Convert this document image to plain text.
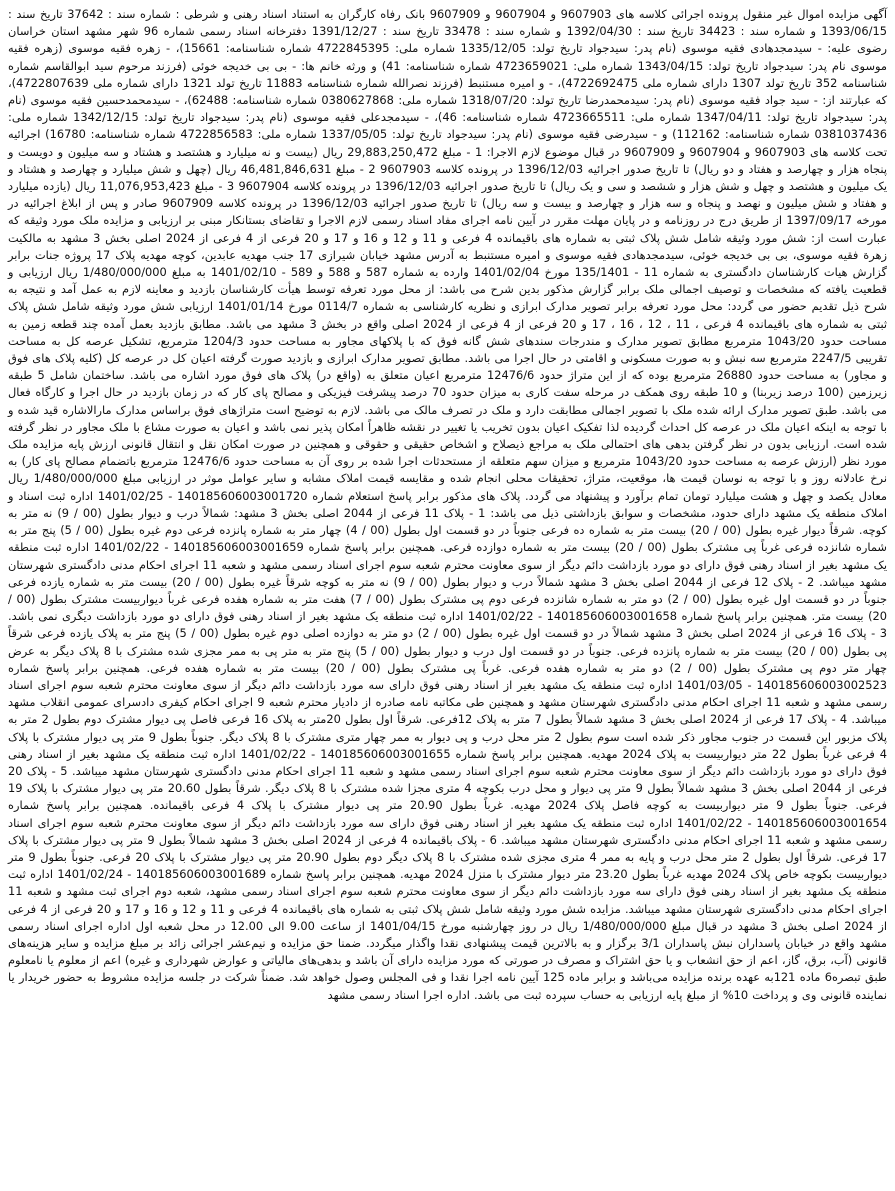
آگهی مزایده اموال غیر منقول پرونده اجرائی کلاسه های 9607903 و 9607904 و 9607909 بانک رفاه کارگران به استناد اسناد رهنی و شرطی : شماره سند : 37642 تاریخ سند : 1393/06/15 و شماره سند : 34423 تاریخ سند : 1392/04/30 و شماره سند : 33478 تاریخ سند : 1391/12/27 دفترخانه اسناد رسمی شماره 96 شهر مشهد استان خراسان رضوی علیه: - سیدمجدهادی فقیه موسوی (نام پدر: سیدجواد تاریخ تولد: 1335/12/05 شماره ملی: 4722845395 شماره شناسنامه: 15661)، - زهره فقیه موسوی (زهره فقیه موسوی نام پدر: سیدجواد تاریخ تولد: 1343/04/15 شماره ملی: 4723659021 شماره شناسنامه: 41) و ورثه خانم ها: - بی بی خدیجه خوئی (فرزند مرحوم سید ابوالقاسم شماره شناسنامه 352 تاریخ تولد 1307 دارای شماره ملی 4722692475)، - و امیره مستنبط (فرزند نصرالله شماره شناسنامه 11883 تاریخ تولد 1321 دارای شماره ملی 4722807639)، که عبارتند از: - سید جواد فقیه موسوی (نام پدر: سیدمحمدرضا تاریخ تولد: 1318/07/20 شماره ملی: 0380627868 شماره شناسنامه: 62488)، - سیدمحمدحسین فقیه موسوی (نام پدر: سیدجواد تاریخ تولد: 1347/04/11 شماره ملی: 4723665511 شماره شناسنامه: 46)، - سیدمجدعلی فقیه موسوی (نام پدر: سیدجواد تاریخ تولد: 1342/12/15 شماره ملی: 0381037436 شماره شناسنامه: 112162) و - سیدرضی فقیه موسوی (نام پدر: سیدجواد تاریخ تولد: 1337/05/05 شماره ملی: 4722856583 شماره شناسنامه: 16780) اجرائیه تحت کلاسه های 9607903 و 9607904 و 9607909 در قبال موضوع لازم الاجرا: 1 - مبلغ 29,883,250,472 ریال (بیست و نه میلیارد و هشتصد و هشتاد و سه میلیون و دویست و پنجاه هزار و چهارصد و هفتاد و دو ریال) تا تاریخ صدور اجرائیه 1396/12/03 در پرونده کلاسه 9607903 2 - مبلغ 46,481,846,631 ریال (چهل و شش میلیارد و چهارصد و هشتاد و یک میلیون و هشتصد و چهل و شش هزار و ششصد و سی و یک ریال) تا تاریخ صدور اجرائیه 1396/12/03 در پرونده کلاسه 9607904 3 - مبلغ 11,076,953,423 ریال (یازده میلیارد و هفتاد و شش میلیون و نهصد و پنجاه و سه هزار و چهارصد و بیست و سه ریال) تا تاریخ صدور اجرائیه 1396/12/03 در پرونده کلاسه 9607909 صادر و پس از ابلاغ اجرائیه در مورخه 1397/09/17 از طریق درج در روزنامه و در پایان مهلت مقرر در آیین نامه اجرای مفاد اسناد رسمی لازم الاجرا و تقاضای بستانکار مبنی بر ارزیابی و مزایده ملک مورد وثیقه که عبارت است از: شش مورد وثیقه شامل شش پلاک ثبتی به شماره های باقیمانده 4 فرعی و 11 و 12 و 16 و 17 و 20 فرعی از 4 فرعی از 2024 اصلی بخش 3 مشهد به مالکیت زهرة فقیه موسوی، بی بی خدیجه خوئی، سیدمجدهادی فقیه موسوی و امیره مستنبط به آدرس مشهد خیابان شیرازی 17 جنب مهدیه عابدین، کوچه مهدیه پلاک 17 پروژه جنات برابر گزارش هیات کارشناسان دادگستری به شماره 11 - 135/1401 مورخ 1401/02/04 وارده به شماره 587 و 588 و 589 - 1401/02/10 به مبلغ 1/480/000/000 ریال ارزیابی و قطعیت یافته که مشخصات و توصیف اجمالی ملک برابر گزارش مذکور بدین شرح می باشد: از محل مورد تعرفه توسط هیأت کارشناسان بازدید و معاینه لازم به عمل آمد و نتیجه به شرح ذیل تقدیم حضور می گردد: محل مورد تعرفه برابر تصویر مدارک ابرازی و نظریه کارشناسی به شماره 0114/7 مورخ 1401/01/14 ارزیابی شش مورد وثیقه شامل شش پلاک ثبتی به شماره های باقیمانده 4 فرعی ، 11 ، 12 ، 16 ، 17 و 20 فرعی از 4 فرعی از 2024 اصلی واقع در بخش 3 مشهد می باشد. مطابق بازدید بعمل آمده چند قطعه زمین به مساحت حدود 1043/20 مترمربع مطابق تصویر مدارک و مندرجات سندهای شش گانه فوق که با پلاکهای مجاور به مساحت حدود 1204/3 مترمربع، تشکیل عرصه کل به مساحت تقریبی 2247/5 مترمربع سه نبش و به صورت مسکونی و اقامتی در حال اجرا می باشد. مطابق تصویر مدارک ابرازی و بازدید صورت گرفته اعیان کل در عرصه کل (کلیه پلاک های فوق و مجاور) به مساحت حدود 26880 مترمربع بوده که از این متراژ حدود 12476/6 مترمربع اعیان متعلق به (واقع در) پلاک های فوق مورد اشاره می باشد. ساختمان شامل 5 طبقه زیرزمین (100 درصد زیربنا) و 10 طبقه روی همکف در مرحله سفت کاری به میزان حدود 70 درصد پیشرفت فیزیکی و مصالح پای کار که در زمان بازدید در حال اجرا و کارگاه فعال می باشد. طبق تصویر مدارک ارائه شده ملک با تصویر اجمالی مطابقت دارد و ملک در تصرف مالک می باشد. لازم به توضیح است متراژهای فوق براساس مدارک مارالاشاره قید شده و با توجه به اینکه اعیان ملک در عرصه کل احداث گردیده لذا تفکیک اعیان بدون تخریب یا تغییر در نقشه ظاهراً امکان پذیر نمی باشد و اعیان به صورت مشاع با ملک مجاور در نظر گرفته شده است. ارزیابی بدون در نظر گرفتن بدهی های احتمالی ملک به مراجع ذیصلاح و اشخاص حقیقی و حقوقی و همچنین در صورت امکان نقل و انتقال قانونی ارزش پایه مزایده ملک مورد نظر (ارزش عرصه به مساحت حدود 1043/20 مترمربع و میزان سهم متعلقه از مستحدثات اجرا شده بر روی آن به مساحت حدود 12476/6 مترمربع باتضمام مصالح پای کار) به نرخ عادلانه روز و با توجه به نوسان قیمت ها، موقعیت، متراژ، تحقیقات محلی انجام شده و مقایسه قیمت املاک مشابه و سایر عوامل موثر در ارزیابی مبلغ 1/480/000/000 ریال معادل یکصد و چهل و هشت میلیارد تومان تمام برآورد و پیشنهاد می گردد. پلاک های مذکور برابر پاسخ استعلام شماره 140185606003001720 - 1401/02/25 اداره ثبت اسناد و املاک منطقه یک مشهد دارای حدود، مشخصات و سوابق بازداشتی ذیل می باشد: 1 - پلاک 11 فرعی از 2044 اصلی بخش 3 مشهد: شمالاً درب و دیوار بطول (00 / 9) نه متر به کوچه. شرقاً دیوار غیره بطول (00 / 20) بیست متر به شماره ده فرعی جنوباً در دو قسمت اول بطول (00 / 4) چهار متر به شماره پانزده فرعی دوم غیره بطول (00 / 5) پنج متر به شماره شانزده فرعی غرباً پی مشترک بطول (00 / 20) بیست متر به شماره دوازده فرعی. همچنین برابر پاسخ شماره 140185606003001659 - 1401/02/22 اداره ثبت منطقه یک مشهد بغیر از اسناد رهنی فوق دارای دو مورد بازداشت دائم دیگر از سوی معاونت محترم شعبه سوم اجرای اسناد رسمی مشهد و شعبه 11 اجرای احکام مدنی دادگستری شهرستان مشهد میباشد. 2 - پلاک 12 فرعی از 2044 اصلی بخش 3 مشهد شمالاً درب و دیوار بطول (00 / 9) نه متر به کوچه شرقاً غیره بطول (00 / 20) بیست متر به شماره یازده فرعی جنوباً در دو قسمت اول غیره بطول (00 / 2) دو متر به شماره شانزده فرعی دوم پی مشترک بطول (00 / 7) هفت متر به شماره هفده فرعی غرباً دیواربیست مشترک بطول (00 / 20) بیست متر. همچنین برابر پاسخ شماره 140185606003001658 - 1401/02/22 اداره ثبت منطقه یک مشهد بغیر از اسناد رهنی فوق دارای دو مورد بازداشت دیگری نمی باشد. 3 - پلاک 16 فرعی از 2024 اصلی بخش 3 مشهد شمالاً در دو قسمت اول غیره بطول (00 / 2) دو متر به دوازده اصلی دوم غیره بطول (00 / 5) پنج متر به پلاک یازده فرعی شرقاً پی بطول (00 / 20) بیست متر به شماره پانزده فرعی. جنوباً در دو قسمت اول درب و دیوار بطول (00 / 5) پنج متر به متر پی به ممر مجزی شده مشترک با 8 پلاک دیگر به عرض چهار متر دوم پی مشترک بطول (00 / 2) دو متر به شماره هفده فرعی. غرباً پی مشترک بطول (00 / 20) بیست متر به شماره هفده فرعی. همچنین برابر پاسخ شماره 140185606003002523 - 1401/03/05 اداره ثبت منطقه یک مشهد بغیر از اسناد رهنی فوق دارای سه مورد بازداشت دائم دیگر از سوی معاونت محترم شعبه سوم اجرای اسناد رسمی مشهد و شعبه 11 اجرای احکام مدنی دادگستری شهرستان مشهد و همچنین طی مکاتبه نامه صادره از دادیار محترم شعبه 9 اجرای احکام کیفری دادسرای عمومی انقلاب مشهد میباشد. 4 - پلاک 17 فرعی از 2024 اصلی بخش 3 مشهد شمالاً بطول 7 متر به پلاک 12فرعی. شرقاً اول بطول 20متر به پلاک 16 فرعی فاصل پی دیوار مشترک دوم بطول 2 متر به پلاک مزبور این قسمت در جنوب مجاور ذکر شده است سوم بطول 2 متر محل درب و پی دیوار به ممر چهار متری مشترک با 8 پلاک دیگر. جنوباً بطول 9 متر پی دیوار مشترک با پلاک 4 فرعی غرباً بطول 22 متر دیواربیست به پلاک 2024 مهدیه. همچنین برابر پاسخ شماره 140185606003001655 - 1401/02/22 اداره ثبت منطقه یک مشهد بغیر از اسناد رهنی فوق دارای دو مورد بازداشت دائم دیگر از سوی معاونت محترم شعبه سوم اجرای اسناد رسمی مشهد و شعبه 11 اجرای احکام مدنی دادگستری شهرستان مشهد میباشد. 5 - پلاک 20 فرعی از 2044 اصلی بخش 3 مشهد شمالاً بطول 9 متر پی دیوار و محل درب بکوچه 4 متری مجزا شده مشترک با 8 پلاک دیگر. شرقاً بطول 20.60 متر پی دیوار مشترک با پلاک 19 فرعی. جنوباً بطول 9 متر دیواربیست به کوچه فاصل پلاک 2024 مهدیه. غرباً بطول 20.90 متر پی دیوار مشترک با پلاک 4 فرعی باقیمانده. همچنین برابر پاسخ شماره 140185606003001654 - 1401/02/22 اداره ثبت منطقه یک مشهد بغیر از اسناد رهنی فوق دارای سه مورد بازداشت دائم دیگر از سوی معاونت محترم شعبه سوم اجرای اسناد رسمی مشهد و شعبه 11 اجرای احکام مدنی دادگستری شهرستان مشهد میباشد. 6 - پلاک باقیمانده 4 فرعی از 2024 اصلی بخش 3 مشهد شمالاً بطول 9 متر پی دیوار مشترک با پلاک 17 فرعی. شرقاً اول بطول 2 متر محل درب و پایه به ممر 4 متری مجزی شده مشترک با 8 پلاک دیگر دوم بطول 20.90 متر پی دیوار مشترک با پلاک 20 فرعی. جنوباً بطول 9 متر دیواربیست بکوچه خاص پلاک 2024 مهدیه غرباً بطول 23.20 متر دیوار مشترک با منزل 2024 مهدیه. همچنین برابر پاسخ شماره 140185606003001689 - 1401/02/24 اداره ثبت منطقه یک مشهد بغیر از اسناد رهنی فوق دارای سه مورد بازداشت دائم دیگر از سوی معاونت محترم شعبه سوم اجرای اسناد رسمی مشهد، شعبه دوم اجرای ثبت مشهد و شعبه 11 اجرای احکام مدنی دادگستری شهرستان مشهد میباشد. مزایده شش مورد وثیقه شامل شش پلاک ثبتی به شماره های باقیمانده 4 فرعی و 11 و 12 و 16 و 17 و 20 فرعی از 4 فرعی از 2024 اصلی بخش 3 مشهد در قبال مبلغ 1/480/000/000 ریال در روز چهارشنبه مورخ 1401/04/15 از ساعت 9.00 الی 12.00 در محل شعبه اول اداره اجرای اسناد رسمی مشهد واقع در خیابان پاسداران نبش پاسداران 3/1 برگزار و به بالاترین قیمت پیشنهادی نقدا واگذار میگردد. ضمنا حق مزایده و نیم‌عشر اجرائی زائد بر مبلغ مزایده و سایر هزینه‌های قانونی (آب، برق، گاز، اعم از حق انشعاب و یا حق اشتراک و مصرف در صورتی که مورد مزایده دارای آن باشد و بدهی‌های مالیاتی و عوارض شهرداری و غیره) اعم از معلوم یا نامعلوم طبق تبصره6 ماده 121به عهده برنده مزایده می‌باشد و برابر ماده 125 آیین نامه اجرا نقدا و فی المجلس وصول خواهد شد. ضمناً شرکت در جلسه مزایده مشروط به حضور خریدار یا نماینده قانونی وی و پرداخت 10% از مبلغ پایه ارزیابی به حساب سپرده ثبت می باشد. اداره اجرا اسناد رسمی مشهد
